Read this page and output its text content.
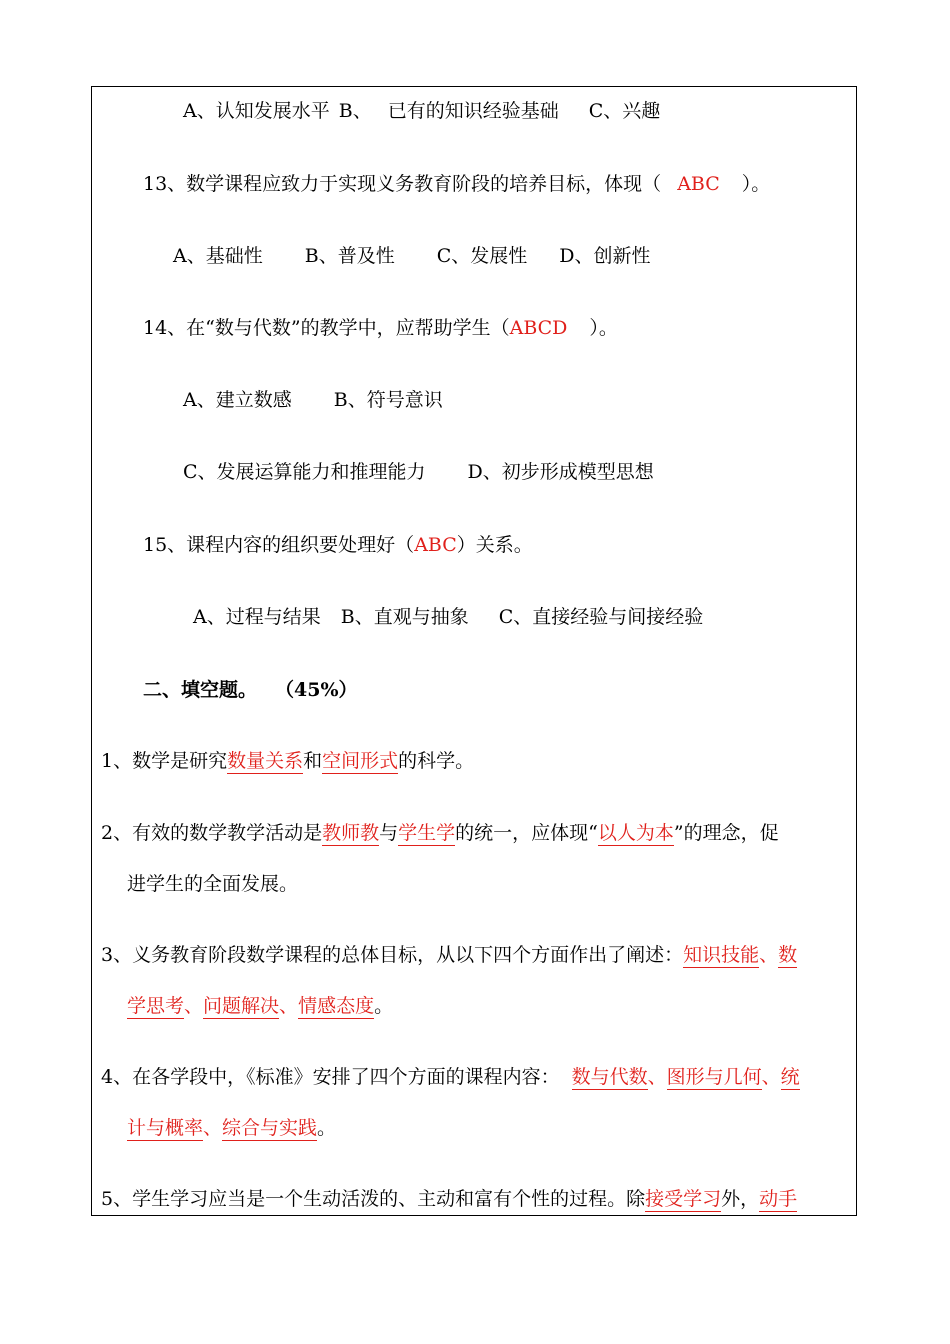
A、认知发展水平 B、 已有的知识经验基础 C、兴趣
13、数学课程应致力于实现义务教育阶段的培养目标，体现（ ABC ）。
A、基础性 B、普及性 C、发展性 D、创新性
14、在“数与代数”的教学中，应帮助学生（ABCD ）。
A、建立数感 B、符号意识
C、发展运算能力和推理能力 D、初步形成模型思想
15、课程内容的组织要处理好（ABC）关系。
A、过程与结果 B、直观与抽象 C、直接经验与间接经验
二、填空题。 （45%）
1、数学是研究数量关系和空间形式的科学。
2、有效的数学教学活动是教师教与学生学的统一，应体现“以人为本”的理念，促
进学生的全面发展。
3、义务教育阶段数学课程的总体目标，从以下四个方面作出了阐述：知识技能、数
学思考、问题解决、情感态度。
4、在各学段中，《标准》安排了四个方面的课程内容： 数与代数、图形与几何、统
计与概率、综合与实践。
5、学生学习应当是一个生动活泼的、主动和富有个性的过程。除接受学习外，动手
